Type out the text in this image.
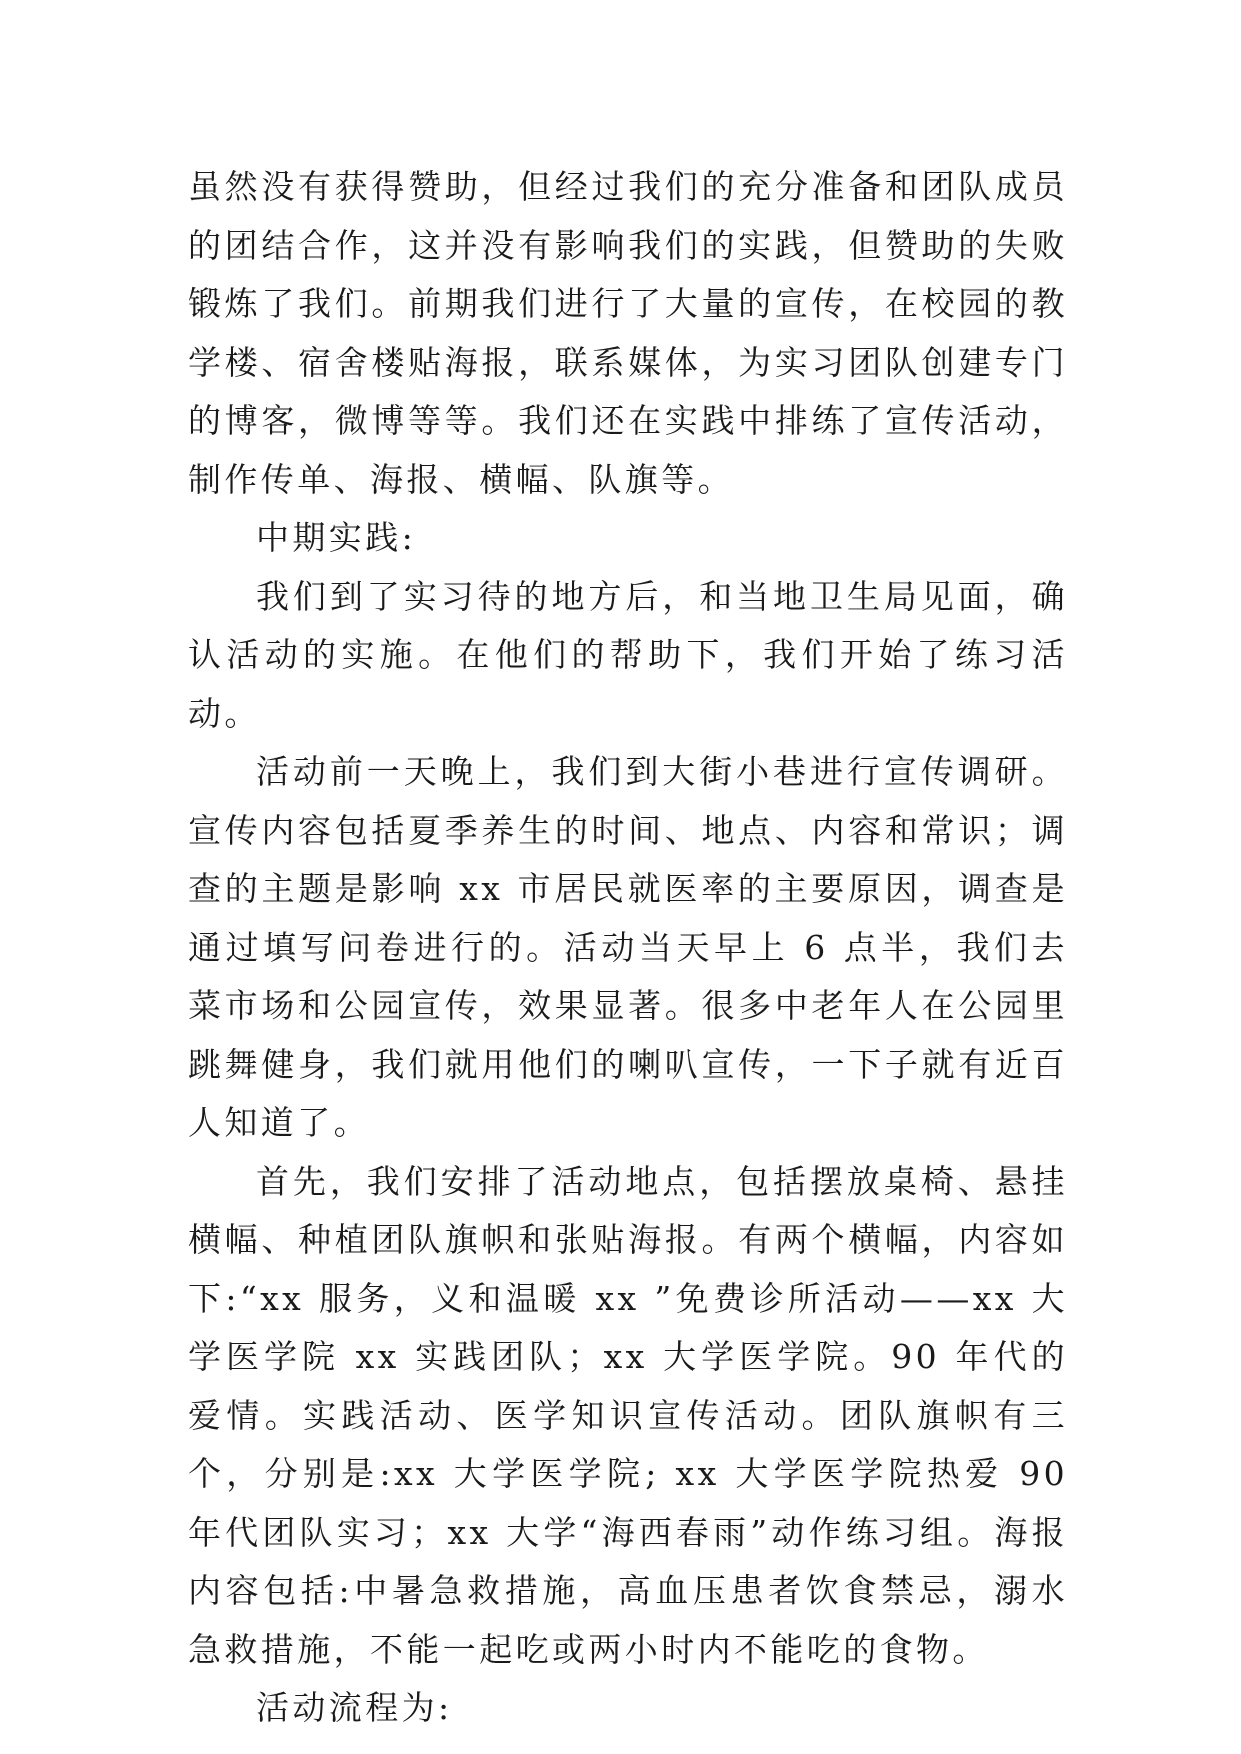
虽然没有获得赞助，但经过我们的充分准备和团队成员的团结合作，这并没有影响我们的实践，但赞助的失败锻炼了我们。前期我们进行了大量的宣传，在校园的教学楼、宿舍楼贴海报，联系媒体，为实习团队创建专门的博客，微博等等。我们还在实践中排练了宣传活动，制作传单、海报、横幅、队旗等。

中期实践:

我们到了实习待的地方后，和当地卫生局见面，确认活动的实施。在他们的帮助下，我们开始了练习活动。

活动前一天晚上，我们到大街小巷进行宣传调研。宣传内容包括夏季养生的时间、地点、内容和常识；调查的主题是影响 xx 市居民就医率的主要原因，调查是通过填写问卷进行的。活动当天早上 6 点半，我们去菜市场和公园宣传，效果显著。很多中老年人在公园里跳舞健身，我们就用他们的喇叭宣传，一下子就有近百人知道了。

首先，我们安排了活动地点，包括摆放桌椅、悬挂横幅、种植团队旗帜和张贴海报。有两个横幅，内容如下:“xx 服务，义和温暖 xx ”免费诊所活动——xx 大学医学院 xx 实践团队；xx 大学医学院。90 年代的爱情。实践活动、医学知识宣传活动。团队旗帜有三个，分别是:xx 大学医学院; xx 大学医学院热爱 90 年代团队实习；xx 大学“海西春雨”动作练习组。海报内容包括:中暑急救措施，高血压患者饮食禁忌，溺水急救措施，不能一起吃或两小时内不能吃的食物。

活动流程为:
